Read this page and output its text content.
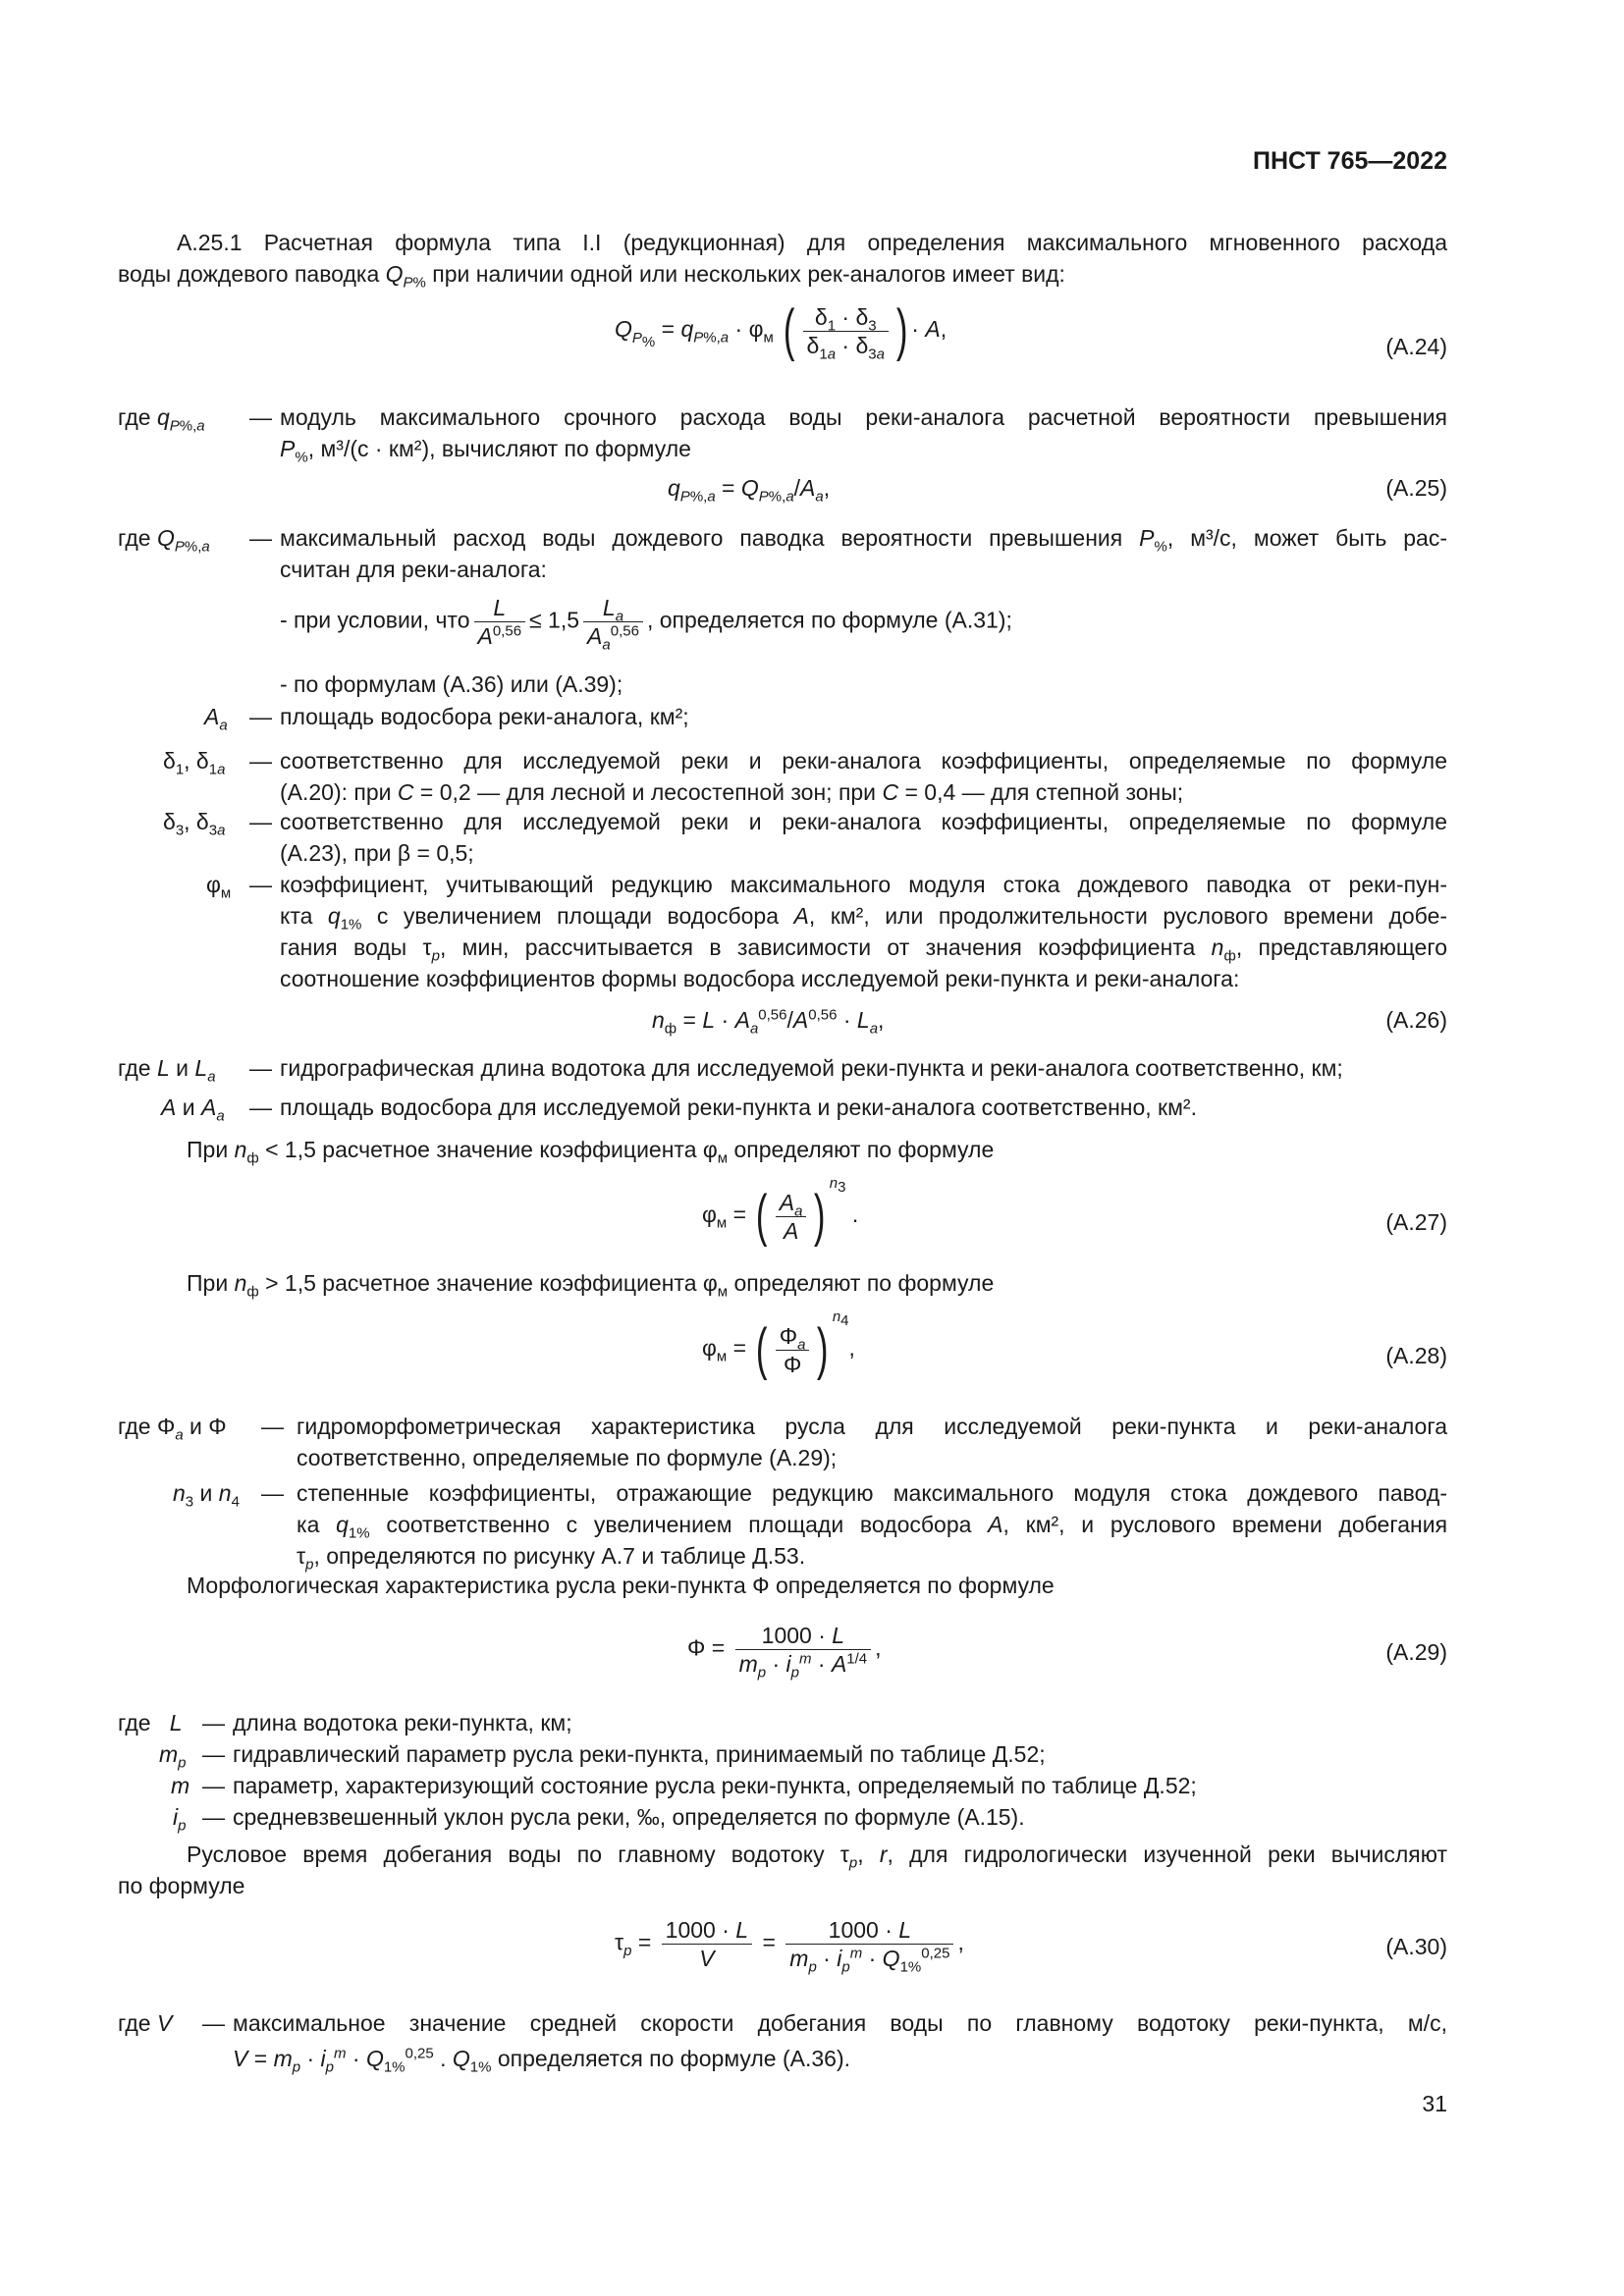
ПНСТ 765—2022
А.25.1 Расчетная формула типа I.I (редукционная) для определения максимального мгновенного расхода
воды дождевого паводка $Q_{P\%}$ при наличии одной или нескольких рек-аналогов имеет вид:
$Q_{P_{\%}} = q_{P\%,a} \cdot \varphi_м$ ( $\frac{\delta_1 \cdot \delta_3}{\delta_{1a} \cdot \delta_{3a}}$ ) · A,
(А.24)
где $q_{P\%,a}$ — модуль максимального срочного расхода воды реки-аналога расчетной вероятности превышения
$P_{\%}$, м³/(с · км²), вычисляют по формуле
$q_{P\%,a} = Q_{P\%,a}/A_a$,	(А.25)
где $Q_{P\%,a}$ — максимальный расход воды дождевого паводка вероятности превышения $P_{\%}$, м³/с, может быть рас-
считан для реки-аналога:
- при условии, что $\frac{L}{A^{0,56}} \le 1,5 \frac{L_a}{A_a^{0,56}}$ , определяется по формуле (А.31);
- по формулам (А.36) или (А.39);
$A_a$ — площадь водосбора реки-аналога, км²;
$\delta_1$, $\delta_{1a}$ — соответственно для исследуемой реки и реки-аналога коэффициенты, определяемые по формуле
(А.20): при C = 0,2 — для лесной и лесостепной зон; при C = 0,4 — для степной зоны;
$\delta_3$, $\delta_{3a}$ — соответственно для исследуемой реки и реки-аналога коэффициенты, определяемые по формуле
(А.23), при β = 0,5;
$\varphi_м$ — коэффициент, учитывающий редукцию максимального модуля стока дождевого паводка от реки-пун-
кта $q_{1\%}$ с увеличением площади водосбора A, км², или продолжительности руслового времени добе-
гания воды $\tau_p$, мин, рассчитывается в зависимости от значения коэффициента $n_ф$, представляющего
соотношение коэффициентов формы водосбора исследуемой реки-пункта и реки-аналога:
$n_ф = L \cdot A_a^{0,56}/A^{0,56} \cdot L_a$,	(А.26)
где L и $L_a$ — гидрографическая длина водотока для исследуемой реки-пункта и реки-аналога соответственно, км;
A и $A_a$ — площадь водосбора для исследуемой реки-пункта и реки-аналога соответственно, км².
При $n_ф < 1,5$ расчетное значение коэффициента $\varphi_м$ определяют по формуле
$\varphi_м$ = ( $\frac{A_a}{A} )^{n_3}$ .	(А.27)
При $n_ф > 1,5$ расчетное значение коэффициента $\varphi_м$ определяют по формуле
$\varphi_м$ = ( $\frac{\Phi_a}{\Phi} )^{n_4}$,	(А.28)
где $\Phi_a$ и Φ — гидроморфометрическая характеристика русла для исследуемой реки-пункта и реки-аналога
соответственно, определяемые по формуле (А.29);
$n_3$ и $n_4$ — степенные коэффициенты, отражающие редукцию максимального модуля стока дождевого павод-
ка $q_{1\%}$ соответственно с увеличением площади водосбора A, км², и руслового времени добегания
$\tau_p$, определяются по рисунку А.7 и таблице Д.53.
Морфологическая характеристика русла реки-пункта Ф определяется по формуле
$\Phi = \frac{1000 \cdot L}{m_p \cdot i_p^m \cdot A^{1/4}}$ ,	(А.29)
где L — длина водотока реки-пункта, км;
$m_p$ — гидравлический параметр русла реки-пункта, принимаемый по таблице Д.52;
m — параметр, характеризующий состояние русла реки-пункта, определяемый по таблице Д.52;
$i_p$ — средневзвешенный уклон русла реки, ‰, определяется по формуле (А.15).
Русловое время добегания воды по главному водотоку $\tau_p$, r, для гидрологически изученной реки вычисляют
по формуле
$\tau_p = \frac{1000 \cdot L}{V} = \frac{1000 \cdot L}{m_p \cdot i_p^m \cdot Q_{1\%}^{0,25}}$ ,	(А.30)
где V — максимальное значение средней скорости добегания воды по главному водотоку реки-пункта, м/с,
$V = m_p \cdot i_p^m \cdot Q_{1\%}^{0,25}$ . $Q_{1\%}$ определяется по формуле (А.36).
31
